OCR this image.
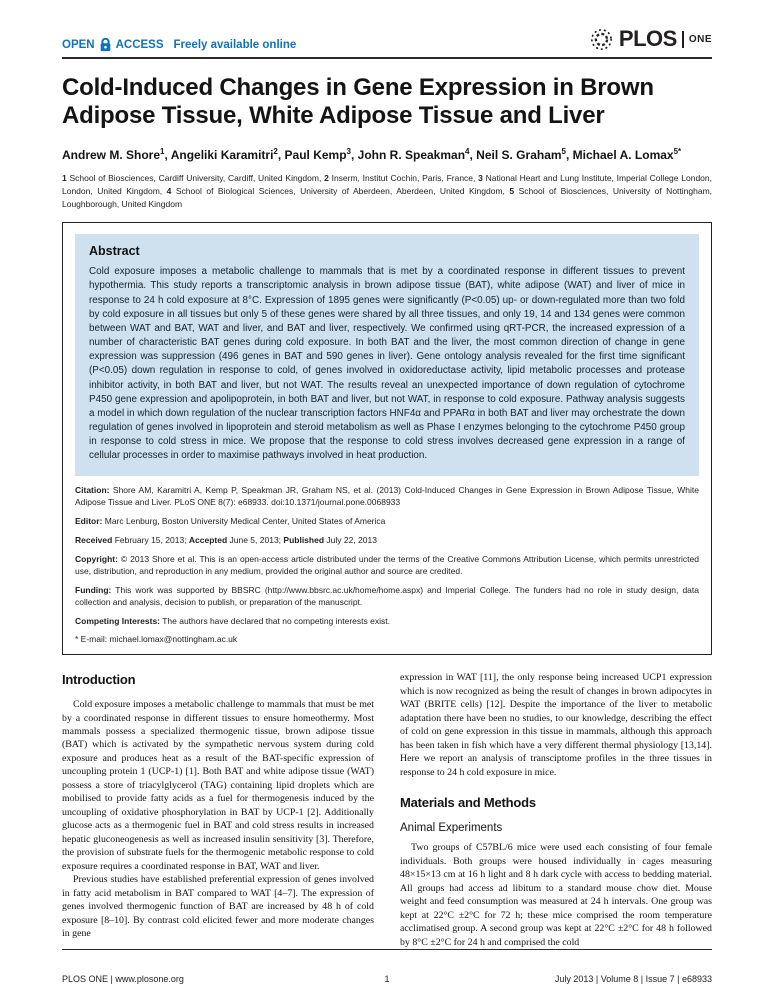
OPEN ACCESS Freely available online	PLOS ONE
Cold-Induced Changes in Gene Expression in Brown Adipose Tissue, White Adipose Tissue and Liver
Andrew M. Shore$^1$, Angeliki Karamitri$^2$, Paul Kemp$^3$, John R. Speakman$^4$, Neil S. Graham$^5$, Michael A. Lomax$^{5*}$

1 School of Biosciences, Cardiff University, Cardiff, United Kingdom, 2 Inserm, Institut Cochin, Paris, France, 3 National Heart and Lung Institute, Imperial College London, London, United Kingdom, 4 School of Biological Sciences, University of Aberdeen, Aberdeen, United Kingdom, 5 School of Biosciences, University of Nottingham, Loughborough, United Kingdom

Abstract

Cold exposure imposes a metabolic challenge to mammals that is met by a coordinated response in different tissues to prevent hypothermia. This study reports a transcriptomic analysis in brown adipose tissue (BAT), white adipose (WAT) and liver of mice in response to 24 h cold exposure at 8°C. Expression of 1895 genes were significantly (P<0.05) up- or down-regulated more than two fold by cold exposure in all tissues but only 5 of these genes were shared by all three tissues, and only 19, 14 and 134 genes were common between WAT and BAT, WAT and liver, and BAT and liver, respectively. We confirmed using qRT-PCR, the increased expression of a number of characteristic BAT genes during cold exposure. In both BAT and the liver, the most common direction of change in gene expression was suppression (496 genes in BAT and 590 genes in liver). Gene ontology analysis revealed for the first time significant (P<0.05) down regulation in response to cold, of genes involved in oxidoreductase activity, lipid metabolic processes and protease inhibitor activity, in both BAT and liver, but not WAT. The results reveal an unexpected importance of down regulation of cytochrome P450 gene expression and apolipoprotein, in both BAT and liver, but not WAT, in response to cold exposure. Pathway analysis suggests a model in which down regulation of the nuclear transcription factors HNF4α and PPARα in both BAT and liver may orchestrate the down regulation of genes involved in lipoprotein and steroid metabolism as well as Phase I enzymes belonging to the cytochrome P450 group in response to cold stress in mice. We propose that the response to cold stress involves decreased gene expression in a range of cellular processes in order to maximise pathways involved in heat production.

Citation: Shore AM, Karamitri A, Kemp P, Speakman JR, Graham NS, et al. (2013) Cold-Induced Changes in Gene Expression in Brown Adipose Tissue, White Adipose Tissue and Liver. PLoS ONE 8(7): e68933. doi:10.1371/journal.pone.0068933

Editor: Marc Lenburg, Boston University Medical Center, United States of America

Received February 15, 2013; Accepted June 5, 2013; Published July 22, 2013

Copyright: © 2013 Shore et al. This is an open-access article distributed under the terms of the Creative Commons Attribution License, which permits unrestricted use, distribution, and reproduction in any medium, provided the original author and source are credited.

Funding: This work was supported by BBSRC (http://www.bbsrc.ac.uk/home/home.aspx) and Imperial College. The funders had no role in study design, data collection and analysis, decision to publish, or preparation of the manuscript.

Competing Interests: The authors have declared that no competing interests exist.

* E-mail: michael.lomax@nottingham.ac.uk

Introduction

Cold exposure imposes a metabolic challenge to mammals that must be met by a coordinated response in different tissues to ensure homeothermy. Most mammals possess a specialized thermogenic tissue, brown adipose tissue (BAT) which is activated by the sympathetic nervous system during cold exposure and produces heat as a result of the BAT-specific expression of uncoupling protein 1 (UCP-1) [1]. Both BAT and white adipose tissue (WAT) possess a store of triacylglycerol (TAG) containing lipid droplets which are mobilised to provide fatty acids as a fuel for thermogenesis induced by the uncoupling of oxidative phosphorylation in BAT by UCP-1 [2]. Additionally glucose acts as a thermogenic fuel in BAT and cold stress results in increased hepatic gluconeogenesis as well as increased insulin sensitivity [3]. Therefore, the provision of substrate fuels for the thermogenic metabolic response to cold exposure requires a coordinated response in BAT, WAT and liver.

Previous studies have established preferential expression of genes involved in fatty acid metabolism in BAT compared to WAT [4–7]. The expression of genes involved thermogenic function of BAT are increased by 48 h of cold exposure [8–10]. By contrast cold elicited fewer and more moderate changes in gene

expression in WAT [11], the only response being increased UCP1 expression which is now recognized as being the result of changes in brown adipocytes in WAT (BRITE cells) [12]. Despite the importance of the liver to metabolic adaptation there have been no studies, to our knowledge, describing the effect of cold on gene expression in this tissue in mammals, although this approach has been taken in fish which have a very different thermal physiology [13,14]. Here we report an analysis of transciptome profiles in the three tissues in response to 24 h cold exposure in mice.

Materials and Methods
Animal Experiments

Two groups of C57BL/6 mice were used each consisting of four female individuals. Both groups were housed individually in cages measuring 48×15×13 cm at 16 h light and 8 h dark cycle with access to bedding material. All groups had access ad libitum to a standard mouse chow diet. Mouse weight and feed consumption was measured at 24 h intervals. One group was kept at 22°C ±2°C for 72 h; these mice comprised the room temperature acclimatised group. A second group was kept at 22°C ±2°C for 48 h followed by 8°C ±2°C for 24 h and comprised the cold

PLOS ONE | www.plosone.org	1	July 2013 | Volume 8 | Issue 7 | e68933
